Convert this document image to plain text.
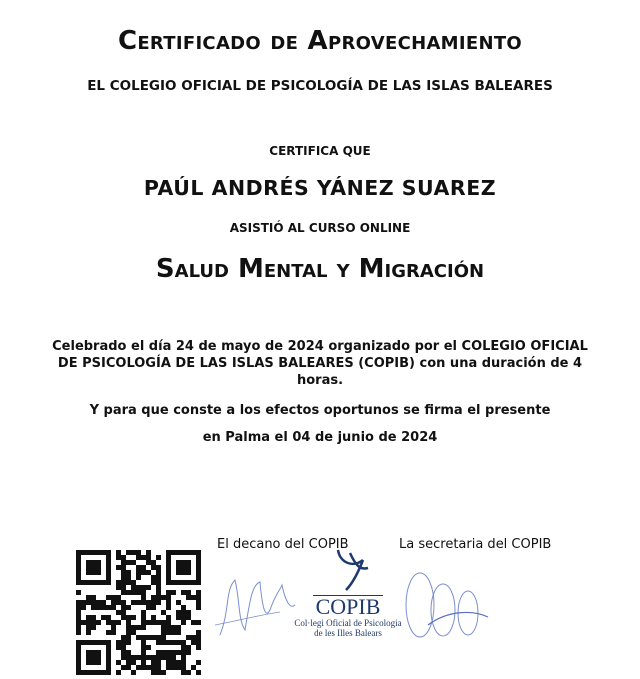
Certificado de Aprovechamiento
EL COLEGIO OFICIAL DE PSICOLOGÍA DE LAS ISLAS BALEARES
CERTIFICA QUE
PAÚL ANDRÉS YÁNEZ SUAREZ
ASISTIÓ AL CURSO ONLINE
Salud Mental y Migración
Celebrado el día 24 de mayo de 2024 organizado por el COLEGIO OFICIAL DE PSICOLOGÍA DE LAS ISLAS BALEARES (COPIB) con una duración de 4 horas.
Y para que conste a los efectos oportunos se firma el presente
en Palma el 04 de junio de 2024
El decano del COPIB	La secretaria del COPIB
COPIB
Col·legi Oficial de Psicologia
de les Illes Balears
